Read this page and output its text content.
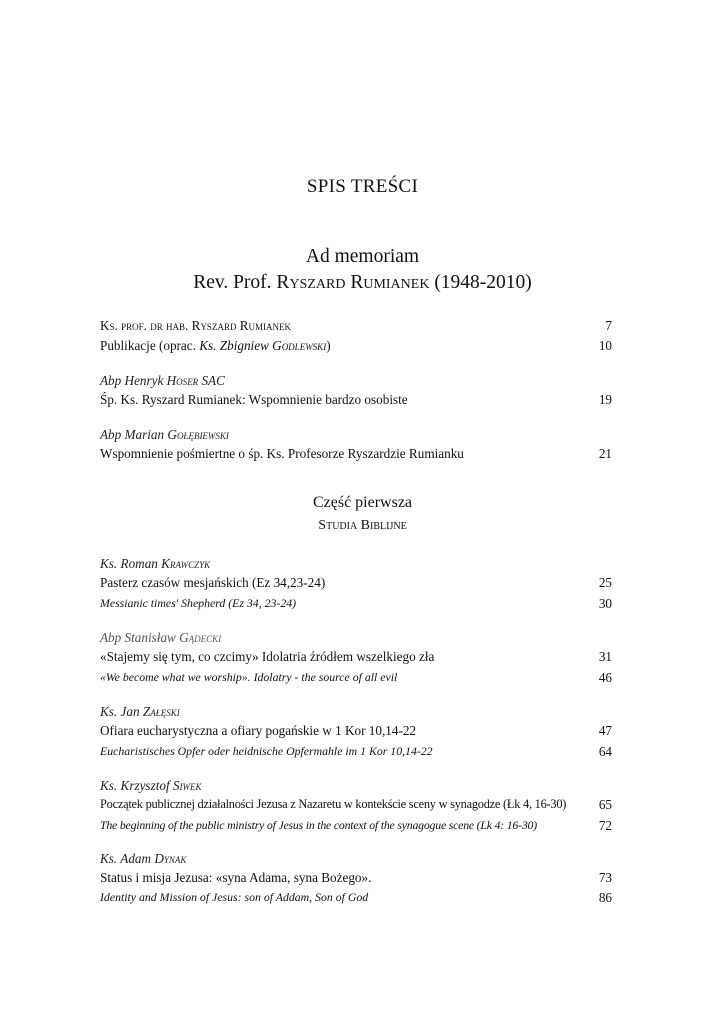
SPIS TREŚCI
Ad memoriam
Rev. Prof. Ryszard Rumianek (1948-2010)
Ks. prof. dr hab. Ryszard Rumianek	7
Publikacje (oprac. Ks. Zbigniew Godlewski)	10
Abp Henryk Hoser SAC
Śp. Ks. Ryszard Rumianek: Wspomnienie bardzo osobiste	19
Abp Marian Gołębiewski
Wspomnienie pośmiertne o śp. Ks. Profesorze Ryszardzie Rumianku	21
Część pierwsza
Studia Biblijne
Ks. Roman Krawczyk
Pasterz czasów mesjańskich (Ez 34,23-24)	25
Messianic times' Shepherd (Ez 34, 23-24)	30
Abp Stanisław Gądecki
«Stajemy się tym, co czcimy» Idolatria źródłem wszelkiego zła	31
«We become what we worship». Idolatry - the source of all evil	46
Ks. Jan Załęski
Ofiara eucharystyczna a ofiary pogańskie w 1 Kor 10,14-22	47
Eucharistisches Opfer oder heidnische Opfermahle im 1 Kor 10,14-22	64
Ks. Krzysztof Siwek
Początek publicznej działalności Jezusa z Nazaretu w kontekście sceny w synagodze (Łk 4, 16-30) 65
The beginning of the public ministry of Jesus in the context of the synagogue scene (Lk 4: 16-30)	72
Ks. Adam Dynak
Status i misja Jezusa: «syna Adama, syna Bożego».	73
Identity and Mission of Jesus: son of Addam, Son of God	86
